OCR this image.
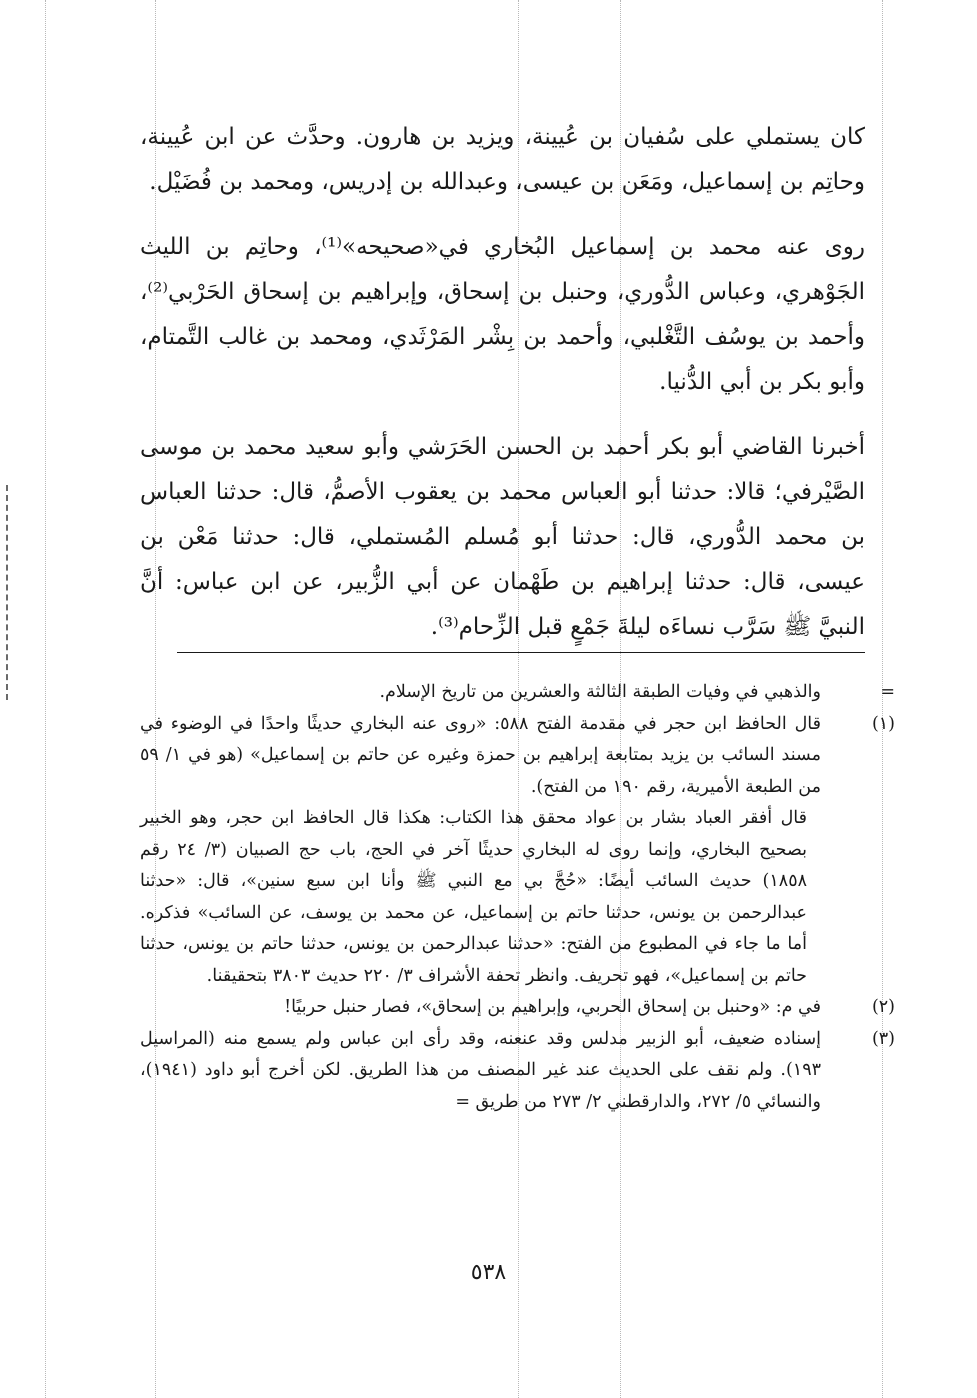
كان يستملي على سُفيان بن عُيينة، ويزيد بن هارون. وحدَّث عن ابن عُيينة، وحاتِم بن إسماعيل، ومَعَن بن عيسى، وعبدالله بن إدريس، ومحمد بن فُضَيْل.

روى عنه محمد بن إسماعيل البُخاري في«صحيحه»⁽¹⁾، وحاتِم بن الليث الجَوْهري، وعباس الدُّوري، وحنبل بن إسحاق، وإبراهيم بن إسحاق الحَرْبي⁽²⁾، وأحمد بن يوسُف التَّغْلبي، وأحمد بن بِشْر المَرْثَدي، ومحمد بن غالب التَّمتام، وأبو بكر بن أبي الدُّنيا.

أخبرنا القاضي أبو بكر أحمد بن الحسن الحَرَشي وأبو سعيد محمد بن موسى الصَّيْرفي؛ قالا: حدثنا أبو العباس محمد بن يعقوب الأصمُّ، قال: حدثنا العباس بن محمد الدُّوري، قال: حدثنا أبو مُسلم المُستملي، قال: حدثنا مَعْن بن عيسى، قال: حدثنا إبراهيم بن طَهْمان عن أبي الزُّبير، عن ابن عباس: أنَّ النبيَّ ﷺ سَرَّب نساءَه ليلةَ جَمْعٍ قبل الزِّحام⁽³⁾.

=
والذهبي في وفيات الطبقة الثالثة والعشرين من تاريخ الإسلام.
(١)
قال الحافظ ابن حجر في مقدمة الفتح ٥٨٨: «روى عنه البخاري حديثًا واحدًا في الوضوء في مسند السائب بن يزيد بمتابعة إبراهيم بن حمزة وغيره عن حاتم بن إسماعيل» (هو في ١/ ٥٩ من الطبعة الأميرية، رقم ١٩٠ من الفتح).
قال أفقر العباد بشار بن عواد محقق هذا الكتاب: هكذا قال الحافظ ابن حجر، وهو الخبير بصحيح البخاري، وإنما روى له البخاري حديثًا آخر في الحج، باب حج الصبيان (٣/ ٢٤ رقم ١٨٥٨) حديث السائب أيضًا: «حُجَّ بي مع النبي ﷺ وأنا ابن سبع سنين»، قال: «حدثنا عبدالرحمن بن يونس، حدثنا حاتم بن إسماعيل، عن محمد بن يوسف، عن السائب» فذكره. أما ما جاء في المطبوع من الفتح: «حدثنا عبدالرحمن بن يونس، حدثنا حاتم بن يونس، حدثنا حاتم بن إسماعيل»، فهو تحريف. وانظر تحفة الأشراف ٣/ ٢٢٠ حديث ٣٨٠٣ بتحقيقنا.
(٢)
في م: «وحنبل بن إسحاق الحربي، وإبراهيم بن إسحاق»، فصار حنبل حربيًا!
(٣)
إسناده ضعيف، أبو الزبير مدلس وقد عنعنه، وقد رأى ابن عباس ولم يسمع منه (المراسيل ١٩٣). ولم نقف على الحديث عند غير المصنف من هذا الطريق. لكن أخرج أبو داود (١٩٤١)، والنسائي ٥/ ٢٧٢، والدارقطني ٢/ ٢٧٣ من طريق =
٥٣٨
